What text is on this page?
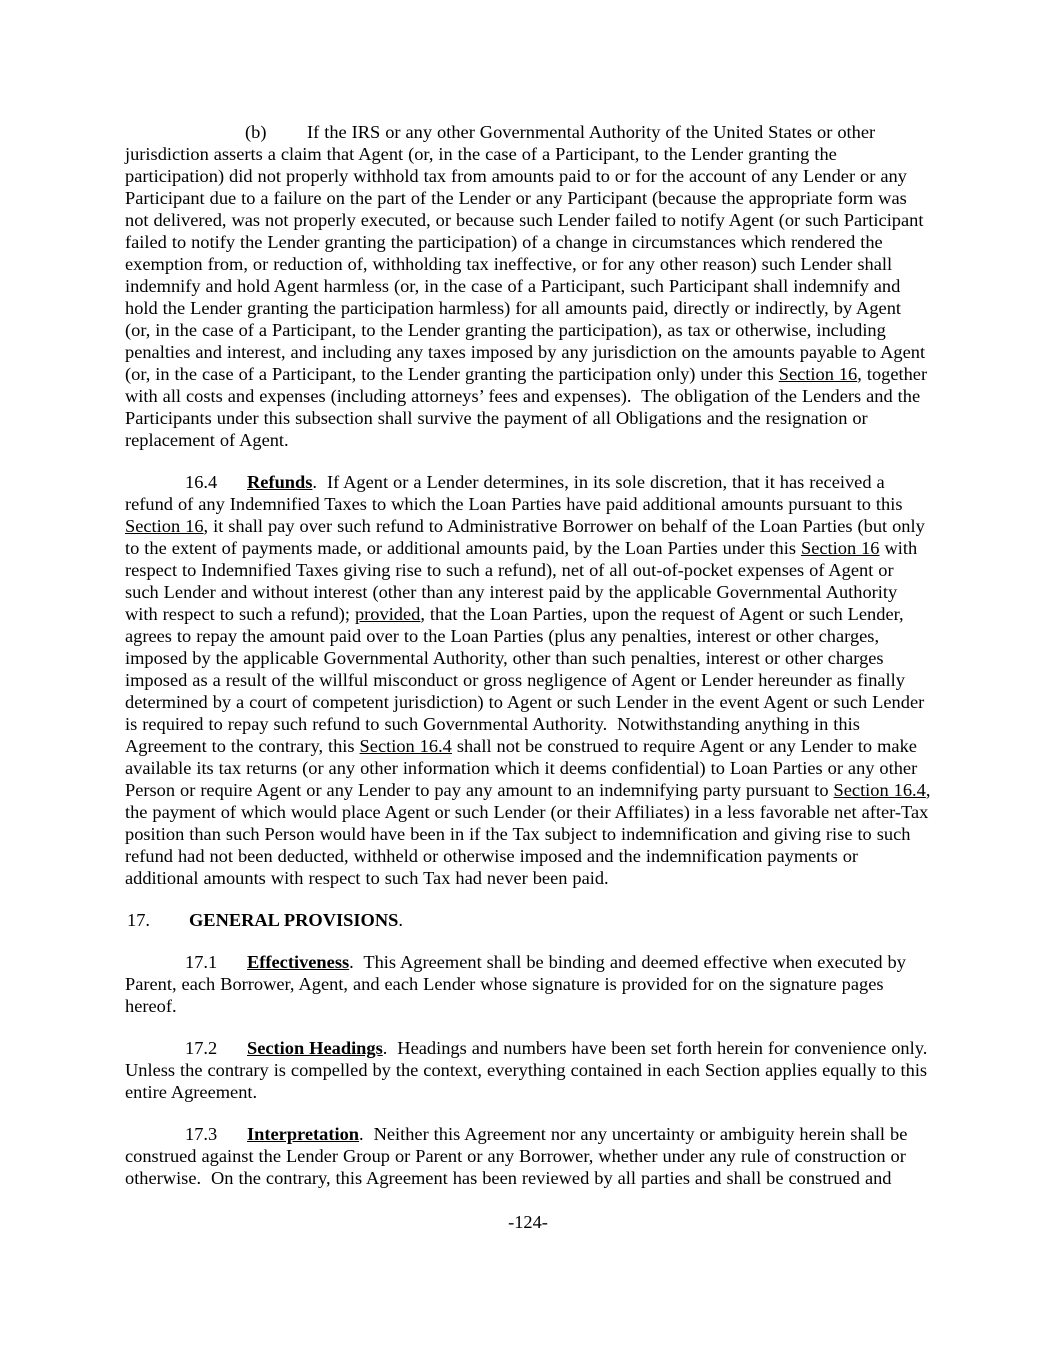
(b) If the IRS or any other Governmental Authority of the United States or other jurisdiction asserts a claim that Agent (or, in the case of a Participant, to the Lender granting the participation) did not properly withhold tax from amounts paid to or for the account of any Lender or any Participant due to a failure on the part of the Lender or any Participant (because the appropriate form was not delivered, was not properly executed, or because such Lender failed to notify Agent (or such Participant failed to notify the Lender granting the participation) of a change in circumstances which rendered the exemption from, or reduction of, withholding tax ineffective, or for any other reason) such Lender shall indemnify and hold Agent harmless (or, in the case of a Participant, such Participant shall indemnify and hold the Lender granting the participation harmless) for all amounts paid, directly or indirectly, by Agent (or, in the case of a Participant, to the Lender granting the participation), as tax or otherwise, including penalties and interest, and including any taxes imposed by any jurisdiction on the amounts payable to Agent (or, in the case of a Participant, to the Lender granting the participation only) under this Section 16, together with all costs and expenses (including attorneys’ fees and expenses).  The obligation of the Lenders and the Participants under this subsection shall survive the payment of all Obligations and the resignation or replacement of Agent.

16.4 Refunds.  If Agent or a Lender determines, in its sole discretion, that it has received a refund of any Indemnified Taxes to which the Loan Parties have paid additional amounts pursuant to this Section 16, it shall pay over such refund to Administrative Borrower on behalf of the Loan Parties (but only to the extent of payments made, or additional amounts paid, by the Loan Parties under this Section 16 with respect to Indemnified Taxes giving rise to such a refund), net of all out-of-pocket expenses of Agent or such Lender and without interest (other than any interest paid by the applicable Governmental Authority with respect to such a refund); provided, that the Loan Parties, upon the request of Agent or such Lender, agrees to repay the amount paid over to the Loan Parties (plus any penalties, interest or other charges, imposed by the applicable Governmental Authority, other than such penalties, interest or other charges imposed as a result of the willful misconduct or gross negligence of Agent or Lender hereunder as finally determined by a court of competent jurisdiction) to Agent or such Lender in the event Agent or such Lender is required to repay such refund to such Governmental Authority.  Notwithstanding anything in this Agreement to the contrary, this Section 16.4 shall not be construed to require Agent or any Lender to make available its tax returns (or any other information which it deems confidential) to Loan Parties or any other Person or require Agent or any Lender to pay any amount to an indemnifying party pursuant to Section 16.4, the payment of which would place Agent or such Lender (or their Affiliates) in a less favorable net after-Tax position than such Person would have been in if the Tax subject to indemnification and giving rise to such refund had not been deducted, withheld or otherwise imposed and the indemnification payments or additional amounts with respect to such Tax had never been paid.

17. GENERAL PROVISIONS.

17.1 Effectiveness.  This Agreement shall be binding and deemed effective when executed by Parent, each Borrower, Agent, and each Lender whose signature is provided for on the signature pages hereof.

17.2 Section Headings.  Headings and numbers have been set forth herein for convenience only.  Unless the contrary is compelled by the context, everything contained in each Section applies equally to this entire Agreement.

17.3 Interpretation.  Neither this Agreement nor any uncertainty or ambiguity herein shall be construed against the Lender Group or Parent or any Borrower, whether under any rule of construction or otherwise.  On the contrary, this Agreement has been reviewed by all parties and shall be construed and

-124-
